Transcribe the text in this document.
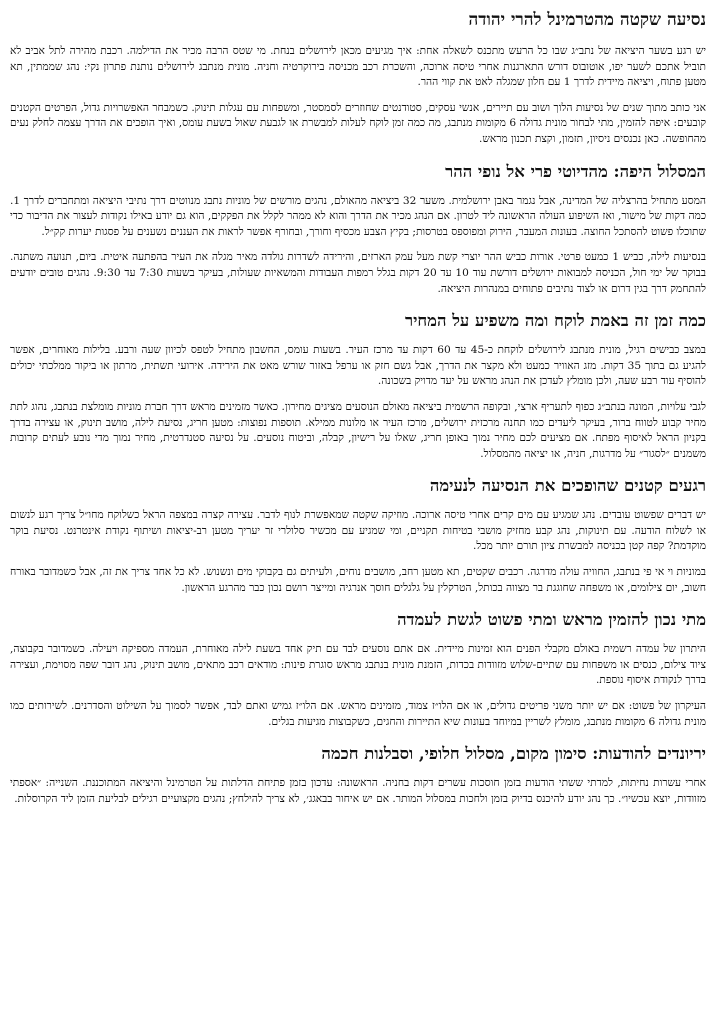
נסיעה שקטה מהטרמינל להרי יהודה

יש רגע בשער היציאה של נתב״ג שבו כל הרעש מתכנס לשאלה אחת: איך מגיעים מכאן לירושלים בנחת. מי שטס הרבה מכיר את הדילמה. רכבת מהירה לתל אביב לא תוביל אתכם לשער יפו, אוטובוס דורש התארגנות אחרי טיסה ארוכה, והשכרת רכב מכניסה בירוקרטיה וחניה. מונית מנתבג לירושלים נותנת פתרון נקי: נהג שממתין, תא מטען פתוח, ויציאה מיידית לדרך 1 עם חלון שמגלה לאט את קווי ההר.

אני כותב מתוך שנים של נסיעות הלוך ושוב עם תיירים, אנשי עסקים, סטודנטים שחוזרים לסמסטר, ומשפחות עם עגלות תינוק. כשמבחר האפשרויות גדול, הפרטים הקטנים קובעים: איפה להזמין, מתי לבחור מונית גדולה 6 מקומות מנתבג, מה כמה זמן לוקח לעלות למבשרת או לגבעת שאול בשעת עומס, ואיך הופכים את הדרך עצמה לחלק נעים מהחופשה. כאן נכנסים ניסיון, תזמון, וקצת תכנון מראש.

המסלול היפה: מהדיוטי פרי אל נופי ההר

המסע מתחיל בהרצליה של המדינה, אבל נגמר באבן ירושלמית. משער 32 ביציאה מהאולם, נהגים מורשים של מוניות נתבג מנווטים דרך נתיבי היציאה ומתחברים לדרך 1. כמה דקות של מישור, ואז השיפוע העולה הראשונה ליד לטרון. אם הנהג מכיר את הדרך והוא לא ממהר לקלל את הפקקים, הוא גם יודע באילו נקודות לעצור את הדיבור כדי שתוכלו פשוט להסתכל החוצה. בעונות המעבר, הירוק ומפוספס בטרסות; בקיץ הצבע מכסיף וחורך, ובחורף אפשר לראות את העננים נשענים על פסגות יערות קק״ל.

בנסיעות לילה, כביש 1 כמעט פרטי. אורות כביש ההר יוצרי קשת מעל עמק הארזים, והירידה לשדרות גולדה מאיר מגלה את העיר בהפתעה איטית. ביום, תנועה משתנה. בבוקר של ימי חול, הכניסה למבואות ירושלים דורשת עוד 10 עד 20 דקות בגלל רמפות העבודות והמשאיות שעולות, בעיקר בשעות 7:30 עד 9:30. נהגים טובים יודעים להתחמק דרך בגין דרום או לצוד נתיבים פתוחים במנהרות היציאה.

כמה זמן זה באמת לוקח ומה משפיע על המחיר

במצב כבישים רגיל, מונית מנתבג לירושלים לוקחת כ-45 עד 60 דקות עד מרכז העיר. בשעות עומס, החשבון מתחיל לטפס לכיוון שעה ורבע. בלילות מאוחרים, אפשר להגיע גם בתוך 35 דקות. מזג האוויר כמעט ולא מקצר את הדרך, אבל גשם חזק או ערפל באזור שורש מאט את הירידה. אירועי תשתית, מרתון או ביקור ממלכתי יכולים להוסיף עוד רבע שעה, ולכן מומלץ לעדכן את הנהג מראש על יעד מדויק בשכונה.

לגבי עלויות, המונה בנתב״ג כפוף לתעריף ארצי, ובקופה הרשמית ביציאה מאולם הנוסעים מציגים מחירון. כאשר מזמינים מראש דרך חברת מוניות מומלצת בנתבג, נהוג לתת מחיר קבוע לטווח ברור, בעיקר ליעדים כמו תחנה מרכזית ירושלים, מרכז העיר או מלונות ממילא. תוספות נפוצות: מטען חריג, נסיעת לילה, מושב תינוק, או עצירה בדרך בקניון הראל לאיסוף מפתח. אם מציעים לכם מחיר נמוך באופן חריג, שאלו על רישיון, קבלה, וביטוח נוסעים. על נסיעה סטנדרטית, מחיר נמוך מדי נובע לעתים קרובות משמנים ״לסגור״ על מדרגות, חניה, או יציאה מהמסלול.

רגעים קטנים שהופכים את הנסיעה לנעימה

יש דברים שפשוט עובדים. נהג שמגיע עם מים קרים אחרי טיסה ארוכה. מוזיקה שקטה שמאפשרת לנוף לדבר. עצירה קצרה במצפה הראל כשלוקח מחו״ל צריך רגע לנשום או לשלוח הודעה. עם תינוקות, נהג קבע מחזיק מושבי בטיחות תקניים, ומי שמגיע עם מכשיר סלולרי זר יעריך מטען רב-יציאות ושיתוף נקודת אינטרנט. נסיעת בוקר מוקדמת? קפה קטן בכניסה למבשרת ציון תורם יותר מכל.

במוניות וי אי פי בנתבג, החוויה עולה מדרגה. רכבים שקטים, תא מטען רחב, מושבים נוחים, ולעיתים גם בקבוקי מים ונשנוש. לא כל אחד צריך את זה, אבל כשמדובר באורח חשוב, יום צילומים, או משפחה שחוגגת בר מצווה בכותל, הטרקלין על גלגלים חוסך אנרגיה ומייצר רושם נכון כבר מהרגע הראשון.

מתי נכון להזמין מראש ומתי פשוט לגשת לעמדה

היתרון של עמדה רשמית באולם מקבלי הפנים הוא זמינות מיידית. אם אתם נוסעים לבד עם תיק אחד בשעת לילה מאוחרת, העמדה מספיקה ויעילה. כשמדובר בקבוצה, ציוד צילום, כנסים או משפחות עם שתיים-שלוש מזוודות בכדות, הזמנת מונית בנתבג מראש סוגרת פינות: מודאים רכב מתאים, מושב תינוק, נהג דובר שפה מסוימת, ועצירה בדרך לנקודת איסוף נוספת.

העיקרון של פשוט: אם יש יותר משני פריטים גדולים, או אם הלו״ז צמוד, מזמינים מראש. אם הלו״ז גמיש ואתם לבד, אפשר לסמוך על השילוט והסדרנים. לשירותים כמו מונית גדולה 6 מקומות מנתבג, מומלץ לשריין במיוחד בעונות שיא התיירות והחגים, כשקבוצות מגיעות בגלים.

יריונדים להודעות: סימון מקום, מסלול חלופי, וסבלנות חכמה

אחרי עשרות נחיתות, למדתי ששתי הודעות בזמן חוסכות עשרים דקות בחניה. הראשונה: עדכון בזמן פתיחת הדלתות על הטרמינל והיציאה המתוכננת. השנייה: ״אספתי מזוודות, יוצא עכשיו״. כך נהג יודע להיכנס בדיוק בזמן ולחכות במסלול המותר. אם יש איחור בבאגג׳, לא צריך להילחץ; נהגים מקצועיים רגילים לבליעת הזמן ליד הקרוסלות.
